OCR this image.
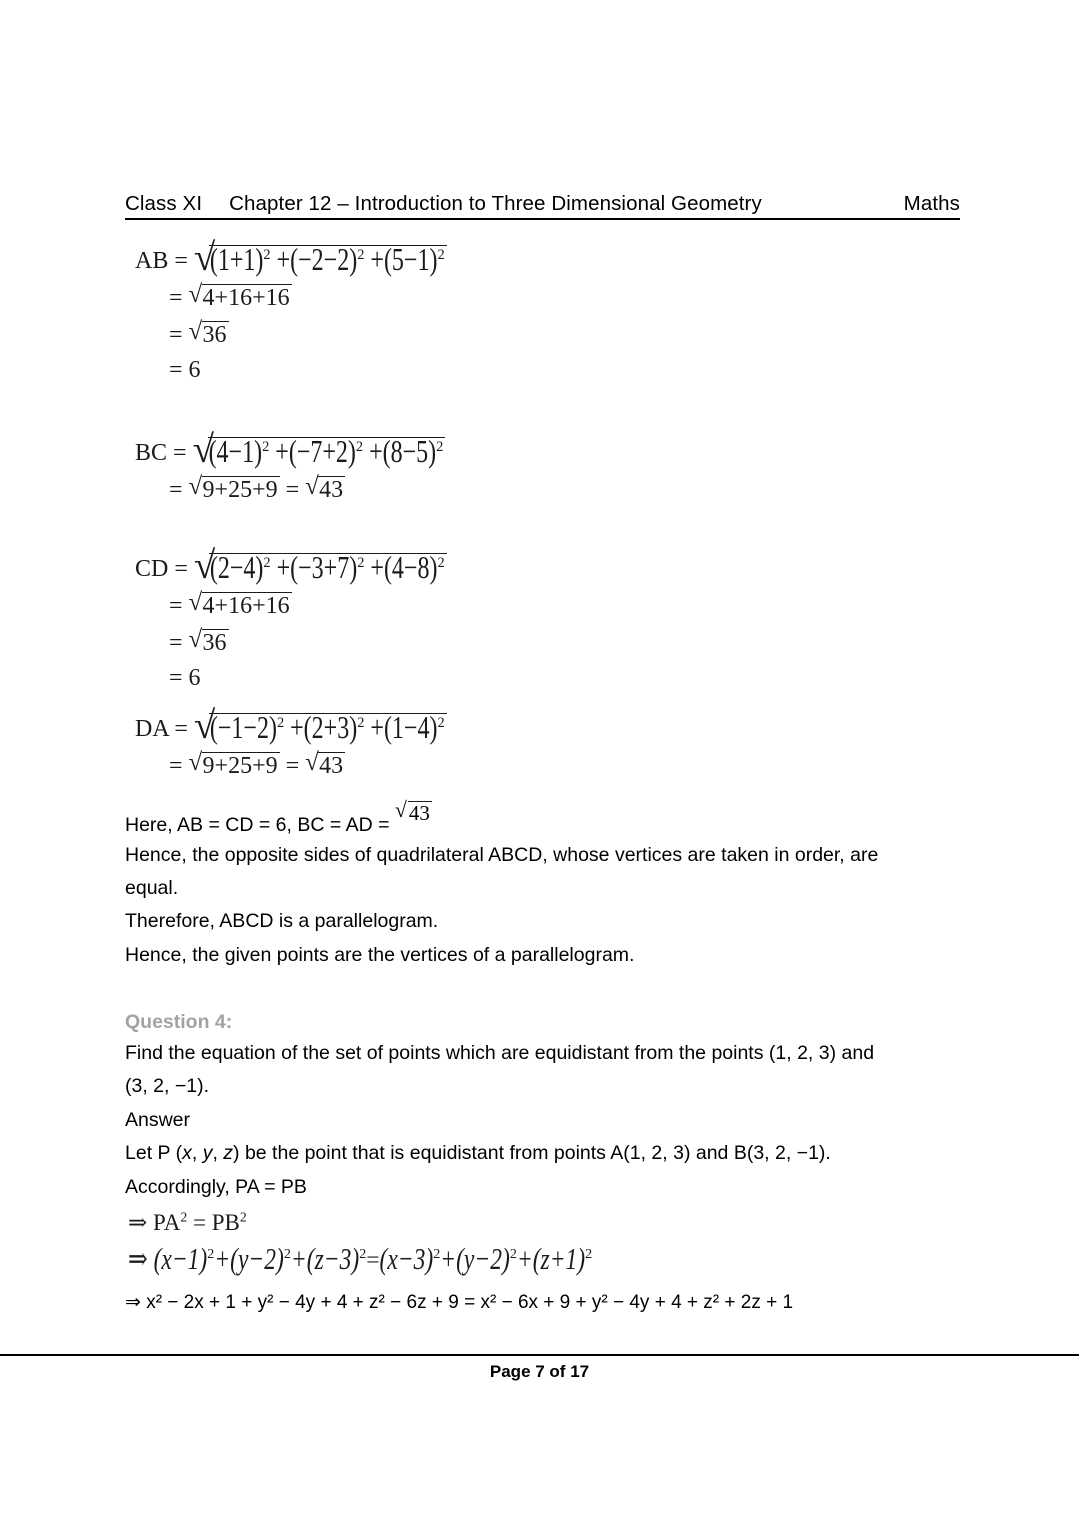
Class XI Chapter 12 – Introduction to Three Dimensional Geometry	Maths
AB = √ $(1+1)^2 +(-2-2)^2 +(5-1)^2$
= √ 4+16+16
= √ 36
= 6
BC = √ $(4-1)^2 +(-7+2)^2 +(8-5)^2$
= √ 9+25+9 = √ 43
CD = √ $(2-4)^2 +(-3+7)^2 +(4-8)^2$
= √ 4+16+16
= √ 36
= 6
DA = √ $(-1-2)^2 +(2+3)^2 +(1-4)^2$
= √ 9+25+9 = √ 43
Here, AB = CD = 6, BC = AD = √ 43
Hence, the opposite sides of quadrilateral ABCD, whose vertices are taken in order, are
equal.
Therefore, ABCD is a parallelogram.
Hence, the given points are the vertices of a parallelogram.
Question 4:
Find the equation of the set of points which are equidistant from the points (1, 2, 3) and
(3, 2, −1).
Answer
Let P (x, y, z) be the point that is equidistant from points A(1, 2, 3) and B(3, 2, −1).
Accordingly, PA = PB
⇒ $PA^2 = PB^2$
⇒ $(x-1)^2+(y-2)^2+(z-3)^2=(x-3)^2+(y-2)^2+(z+1)^2$
⇒ x² − 2x + 1 + y² − 4y + 4 + z² − 6z + 9 = x² − 6x + 9 + y² − 4y + 4 + z² + 2z + 1
Page 7 of 17
